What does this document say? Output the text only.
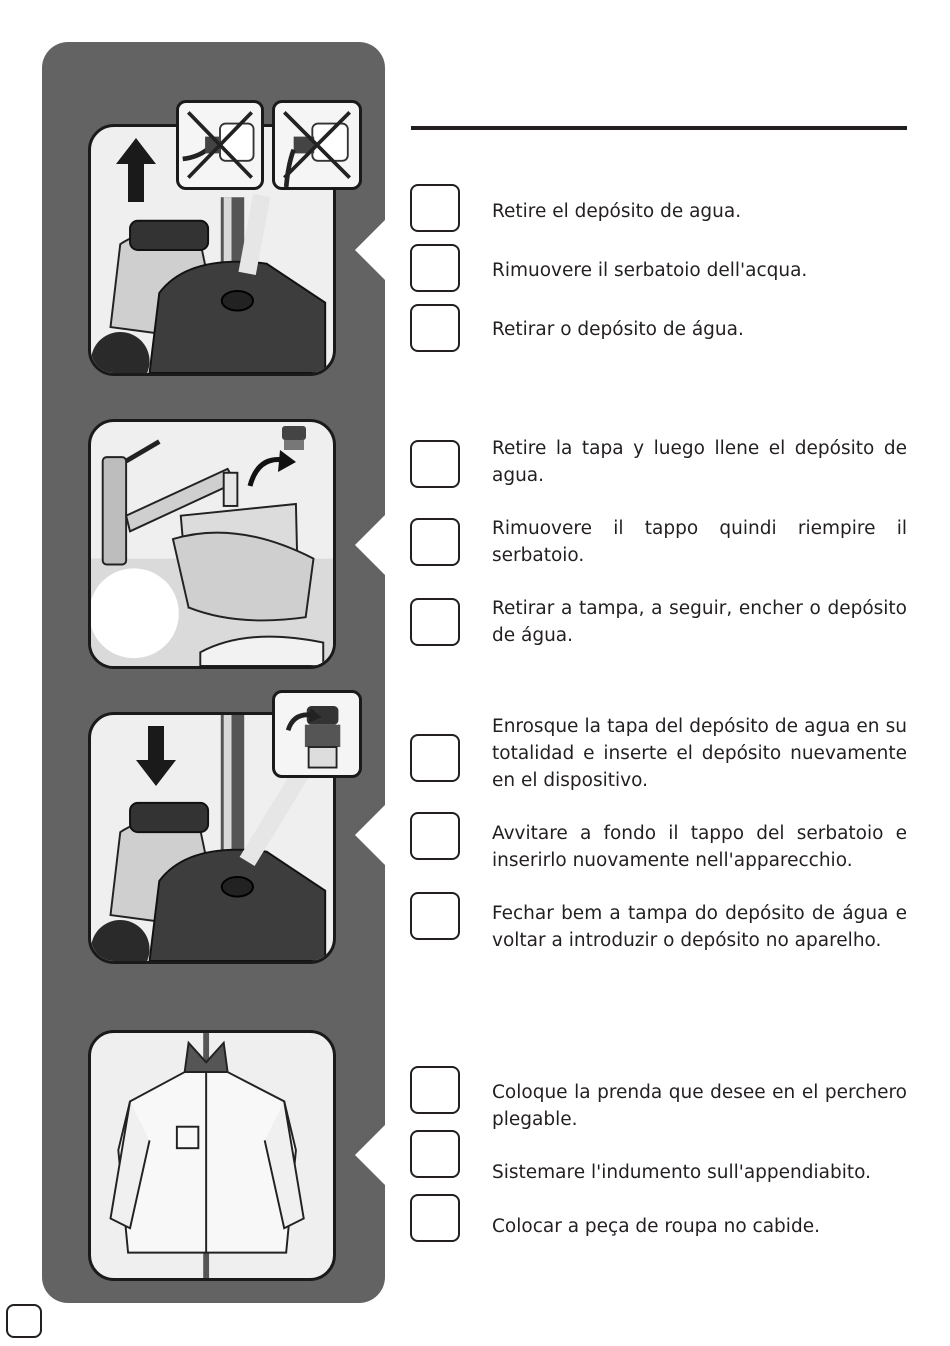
Retire el depósito de agua.
Rimuovere il serbatoio dell'acqua.
Retirar o depósito de água.
Retire la tapa y luego llene el depósito de agua.
Rimuovere il tappo quindi riempire il serbatoio.
Retirar a tampa, a seguir, encher o depósito de água.
Enrosque la tapa del depósito de agua en su totalidad e inserte el depósito nuevamente en el dispositivo.
Avvitare a fondo il tappo del serbatoio e inserirlo nuovamente nell'apparecchio.
Fechar bem a tampa do depósito de água e voltar a introduzir o depósito no aparelho.
Coloque la prenda que desee en el perchero plegable.
Sistemare l'indumento sull'appendiabito.
Colocar a peça de roupa no cabide.
